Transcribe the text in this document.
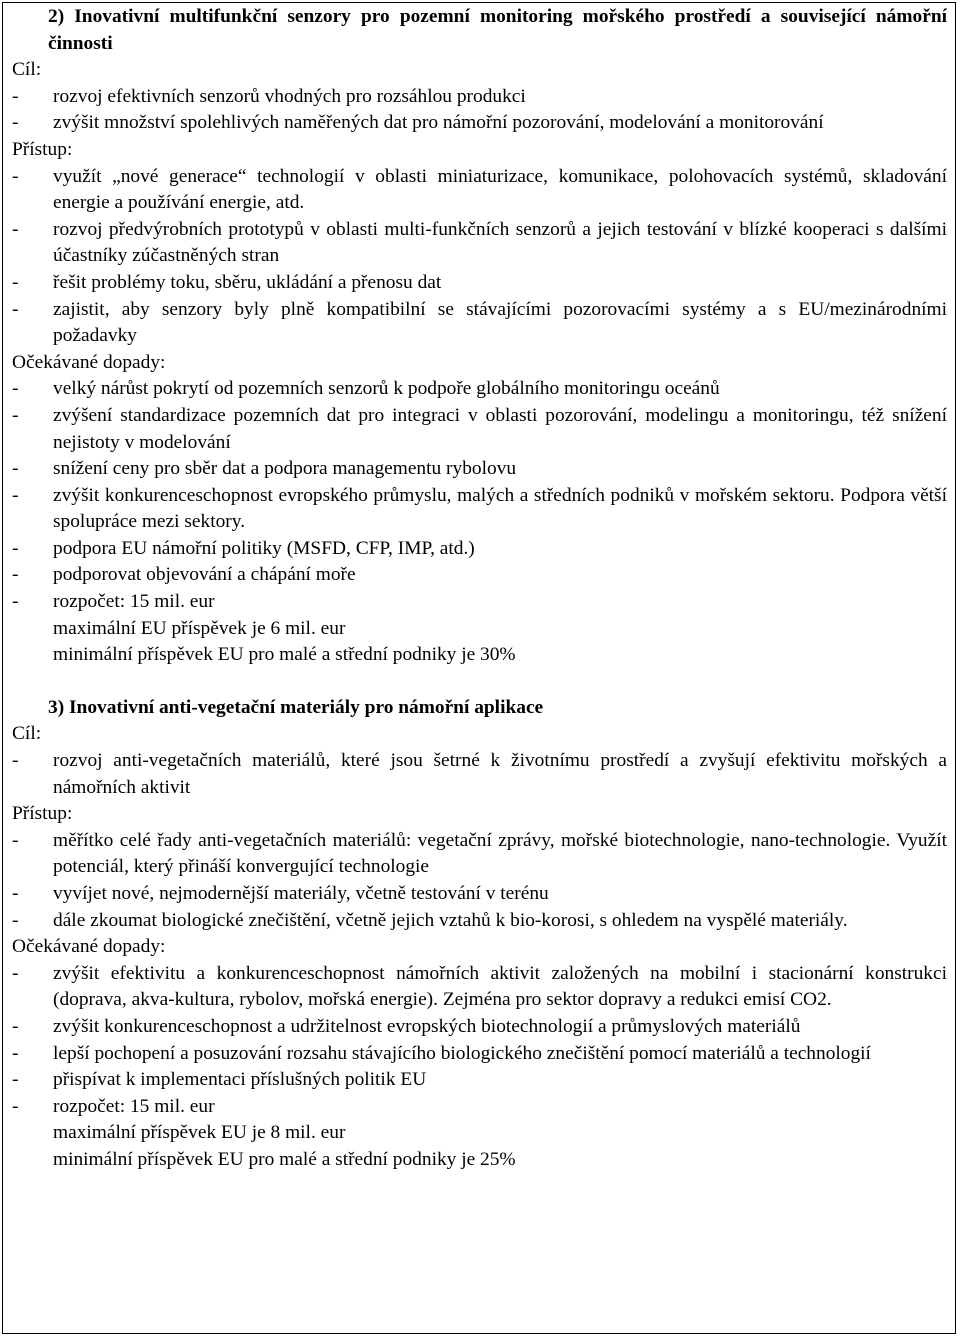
2) Inovativní multifunkční senzory pro pozemní monitoring mořského prostředí a související námořní činnosti
Cíl:
- rozvoj efektivních senzorů vhodných pro rozsáhlou produkci
- zvýšit množství spolehlivých naměřených dat pro námořní pozorování, modelování a monitorování
Přístup:
- využít „nové generace“ technologií v oblasti miniaturizace, komunikace, polohovacích systémů, skladování energie a používání energie, atd.
- rozvoj předvýrobních prototypů v oblasti multi-funkčních senzorů a jejich testování v blízké kooperaci s dalšími účastníky zúčastněných stran
- řešit problémy toku, sběru, ukládání a přenosu dat
- zajistit, aby senzory byly plně kompatibilní se stávajícími pozorovacími systémy a s EU/mezinárodními požadavky
Očekávané dopady:
- velký nárůst pokrytí od pozemních senzorů k podpoře globálního monitoringu oceánů
- zvýšení standardizace pozemních dat pro integraci v oblasti pozorování, modelingu a monitoringu, též snížení nejistoty v modelování
- snížení ceny pro sběr dat a podpora managementu rybolovu
- zvýšit konkurenceschopnost evropského průmyslu, malých a středních podniků v mořském sektoru. Podpora větší spolupráce mezi sektory.
- podpora EU námořní politiky (MSFD, CFP, IMP, atd.)
- podporovat objevování a chápání moře
- rozpočet: 15 mil. eur
maximální EU příspěvek je 6 mil. eur
minimální příspěvek EU pro malé a střední podniky je 30%
3) Inovativní anti-vegetační materiály pro námořní aplikace
Cíl:
- rozvoj anti-vegetačních materiálů, které jsou šetrné k životnímu prostředí a zvyšují efektivitu mořských a námořních aktivit
Přístup:
- měřítko celé řady anti-vegetačních materiálů: vegetační zprávy, mořské biotechnologie, nano-technologie. Využít potenciál, který přináší konvergující technologie
- vyvíjet nové, nejmodernější materiály, včetně testování v terénu
- dále zkoumat biologické znečištění, včetně jejich vztahů k bio-korosi, s ohledem na vyspělé materiály.
Očekávané dopady:
- zvýšit efektivitu a konkurenceschopnost námořních aktivit založených na mobilní i stacionární konstrukci (doprava, akva-kultura, rybolov, mořská energie). Zejména pro sektor dopravy a redukci emisí CO2.
- zvýšit konkurenceschopnost a udržitelnost evropských biotechnologií a průmyslových materiálů
- lepší pochopení a posuzování rozsahu stávajícího biologického znečištění pomocí materiálů a technologií
- přispívat k implementaci příslušných politik EU
- rozpočet: 15 mil. eur
maximální příspěvek EU je 8 mil. eur
minimální příspěvek EU pro malé a střední podniky je 25%
